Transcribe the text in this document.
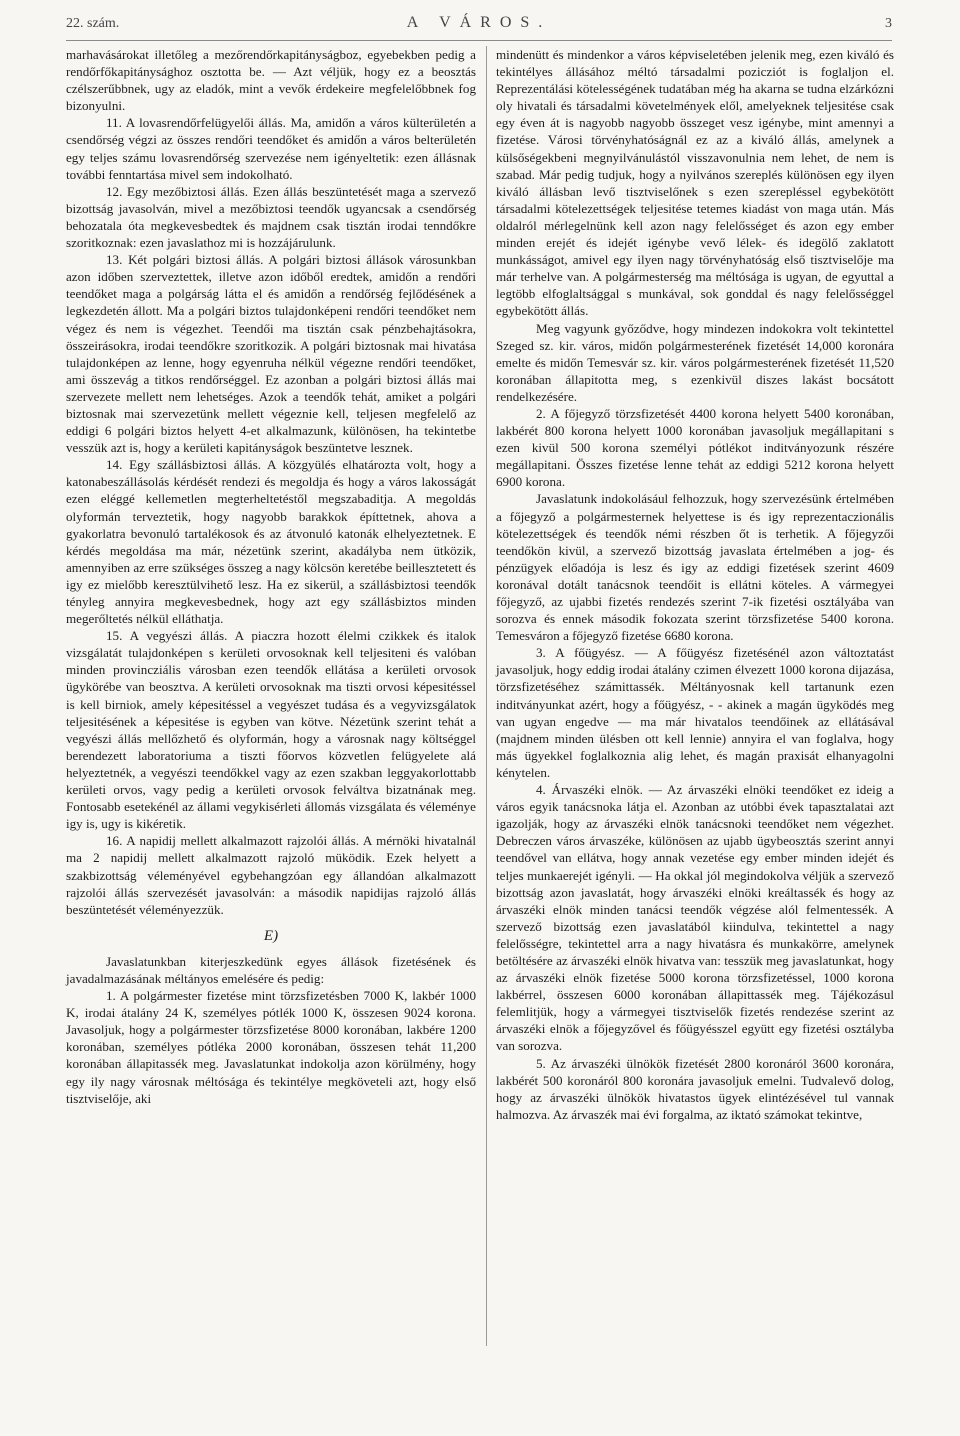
22. szám.	A VÁROS.	3

marhavásárokat illetőleg a mezőrendőrkapitányságboz, egyebekben pedig a rendőrfőkapitánysághoz osztotta be. — Azt véljük, hogy ez a beosztás czélszerűbbnek, ugy az eladók, mint a vevők érdekeire megfelelőbbnek fog bizonyulni.

11. A lovasrendőrfelügyelői állás. Ma, amidőn a város külterületén a csendőrség végzi az összes rendőri teendőket és amidőn a város belterületén egy teljes számu lovasrendőrség szervezése nem igényeltetik: ezen állásnak további fenntartása mivel sem indokolható.

12. Egy mezőbiztosi állás. Ezen állás beszüntetését maga a szervező bizottság javasolván, mivel a mezőbiztosi teendők ugyancsak a csendőrség behozatala óta megkevesbedtek és majdnem csak tisztán irodai tenndőkre szoritkoznak: ezen javaslathoz mi is hozzájárulunk.

13. Két polgári biztosi állás. A polgári biztosi állások városunkban azon időben szerveztettek, illetve azon időből eredtek, amidőn a rendőri teendőket maga a polgárság látta el és amidőn a rendőrség fejlődésének a legkezdetén állott. Ma a polgári biztos tulajdonképeni rendőri teendőket nem végez és nem is végezhet. Teendői ma tisztán csak pénzbehajtásokra, összeirásokra, irodai teendőkre szoritkozik. A polgári biztosnak mai hivatása tulajdonképen az lenne, hogy egyenruha nélkül végezne rendőri teendőket, ami összevág a titkos rendőrséggel. Ez azonban a polgári biztosi állás mai szervezete mellett nem lehetséges. Azok a teendők tehát, amiket a polgári biztosnak mai szervezetünk mellett végeznie kell, teljesen megfelelő az eddigi 6 polgári biztos helyett 4-et alkalmazunk, különösen, ha tekintetbe vesszük azt is, hogy a kerületi kapitányságok beszüntetve lesznek.

14. Egy szállásbiztosi állás. A közgyülés elhatározta volt, hogy a katonabeszállásolás kérdését rendezi és megoldja és hogy a város lakosságát ezen eléggé kellemetlen megterheltetéstől megszabaditja. A megoldás olyformán terveztetik, hogy nagyobb barakkok építtetnek, ahova a gyakorlatra bevonuló tartalékosok és az átvonuló katonák elhelyeztetnek. E kérdés megoldása ma már, nézetünk szerint, akadályba nem ütközik, amennyiben az erre szükséges összeg a nagy kölcsön keretébe beillesztetett és igy ez mielőbb keresztülvihető lesz. Ha ez sikerül, a szállásbiztosi teendők tényleg annyira megkevesbednek, hogy azt egy szállásbiztos minden megerőltetés nélkül elláthatja.

15. A vegyészi állás. A piaczra hozott élelmi czikkek és italok vizsgálatát tulajdonképen s kerületi orvosoknak kell teljesiteni és valóban minden provincziális városban ezen teendők ellátása a kerületi orvosok ügykörébe van beosztva. A kerületi orvosoknak ma tiszti orvosi képesitéssel is kell birniok, amely képesitéssel a vegyészet tudása és a vegyvizsgálatok teljesitésének a képesitése is egyben van kötve. Nézetünk szerint tehát a vegyészi állás mellőzhető és olyformán, hogy a városnak nagy költséggel berendezett laboratoriuma a tiszti főorvos közvetlen felügyelete alá helyeztetnék, a vegyészi teendőkkel vagy az ezen szakban leggyakorlottabb kerületi orvos, vagy pedig a kerületi orvosok felváltva bizatnának meg. Fontosabb esetekénél az állami vegykisérleti állomás vizsgálata és véleménye igy is, ugy is kikéretik.

16. A napidij mellett alkalmazott rajzolói állás. A mérnöki hivatalnál ma 2 napidij mellett alkalmazott rajzoló müködik. Ezek helyett a szakbizottság véleményével egybehangzóan egy állandóan alkalmazott rajzolói állás szervezését javasolván: a második napidijas rajzoló állás beszüntetését véleményezzük.

E)

Javaslatunkban kiterjeszkedünk egyes állások fizetésének és javadalmazásának méltányos emelésére és pedig:

1. A polgármester fizetése mint törzsfizetésben 7000 K, lakbér 1000 K, irodai átalány 24 K, személyes pótlék 1000 K, összesen 9024 korona. Javasoljuk, hogy a polgármester törzsfizetése 8000 koronában, lakbére 1200 koronában, személyes pótléka 2000 koronában, összesen tehát 11,200 koronában állapitassék meg. Javaslatunkat indokolja azon körülmény, hogy egy ily nagy városnak méltósága és tekintélye megköveteli azt, hogy első tisztviselője, aki

mindenütt és mindenkor a város képviseletében jelenik meg, ezen kiváló és tekintélyes állásához méltó társadalmi pozicziót is foglaljon el. Reprezentálási kötelességének tudatában még ha akarna se tudna elzárkózni oly hivatali és társadalmi követelmények elől, amelyeknek teljesitése csak egy éven át is nagyobb nagyobb összeget vesz igénybe, mint amennyi a fizetése. Városi törvényhatóságnál ez az a kiváló állás, amelynek a külsőségekbeni megnyilvánulástól visszavonulnia nem lehet, de nem is szabad. Már pedig tudjuk, hogy a nyilvános szereplés különösen egy ilyen kiváló állásban levő tisztviselőnek s ezen szerepléssel egybekötött társadalmi kötelezettségek teljesitése tetemes kiadást von maga után. Más oldalról mérlegelnünk kell azon nagy felelősséget és azon egy ember minden erejét és idejét igénybe vevő lélek- és idegölő zaklatott munkásságot, amivel egy ilyen nagy törvényhatóság első tisztviselője ma már terhelve van. A polgármesterség ma méltósága is ugyan, de egyuttal a legtöbb elfoglaltsággal s munkával, sok gonddal és nagy felelősséggel egybekötött állás.

Meg vagyunk győződve, hogy mindezen indokokra volt tekintettel Szeged sz. kir. város, midőn polgármesterének fizetését 14,000 koronára emelte és midőn Temesvár sz. kir. város polgármesterének fizetését 11,520 koronában állapitotta meg, s ezenkivül diszes lakást bocsátott rendelkezésére.

2. A főjegyző törzsfizetését 4400 korona helyett 5400 koronában, lakbérét 800 korona helyett 1000 koronában javasoljuk megállapitani s ezen kivül 500 korona személyi pótlékot inditványozunk részére megállapitani. Összes fizetése lenne tehát az eddigi 5212 korona helyett 6900 korona.

Javaslatunk indokolásául felhozzuk, hogy szervezésünk értelmében a főjegyző a polgármesternek helyettese is és igy reprezentaczionális kötelezettségek és teendők némi részben őt is terhetik. A főjegyzői teendőkön kivül, a szervező bizottság javaslata értelmében a jog- és pénzügyek előadója is lesz és igy az eddigi fizetések szerint 4609 koronával dotált tanácsnok teendőit is ellátni köteles. A vármegyei főjegyző, az ujabbi fizetés rendezés szerint 7-ik fizetési osztályába van sorozva és ennek második fokozata szerint törzsfizetése 5400 korona. Temesváron a főjegyző fizetése 6680 korona.

3. A főügyész. — A főügyész fizetésénél azon változtatást javasoljuk, hogy eddig irodai átalány czimen élvezett 1000 korona dijazása, törzsfizetéséhez számittassék. Méltányosnak kell tartanunk ezen inditványunkat azért, hogy a főügyész, - - akinek a magán ügyködés meg van ugyan engedve — ma már hivatalos teendőinek az ellátásával (majdnem minden ülésben ott kell lennie) annyira el van foglalva, hogy más ügyekkel foglalkoznia alig lehet, és magán praxisát elhanyagolni kénytelen.

4. Árvaszéki elnök. — Az árvaszéki elnöki teendőket ez ideig a város egyik tanácsnoka látja el. Azonban az utóbbi évek tapasztalatai azt igazolják, hogy az árvaszéki elnök tanácsnoki teendőket nem végezhet. Debreczen város árvaszéke, különösen az ujabb ügybeosztás szerint annyi teendővel van ellátva, hogy annak vezetése egy ember minden idejét és teljes munkaerejét igényli. — Ha okkal jól megindokolva véljük a szervező bizottság azon javaslatát, hogy árvaszéki elnöki kreáltassék és hogy az árvaszéki elnök minden tanácsi teendők végzése alól felmentessék. A szervező bizottság ezen javaslatából kiindulva, tekintettel a nagy felelősségre, tekintettel arra a nagy hivatásra és munkakörre, amelynek betöltésére az árvaszéki elnök hivatva van: tesszük meg javaslatunkat, hogy az árvaszéki elnök fizetése 5000 korona törzsfizetéssel, 1000 korona lakbérrel, összesen 6000 koronában állapittassék meg. Tájékozásul felemlitjük, hogy a vármegyei tisztviselők fizetés rendezése szerint az árvaszéki elnök a főjegyzővel és főügyésszel együtt egy fizetési osztályba van sorozva.

5. Az árvaszéki ülnökök fizetését 2800 koronáról 3600 koronára, lakbérét 500 koronáról 800 koronára javasoljuk emelni. Tudvalevő dolog, hogy az árvaszéki ülnökök hivatastos ügyek elintézésével tul vannak halmozva. Az árvaszék mai évi forgalma, az iktató számokat tekintve,
